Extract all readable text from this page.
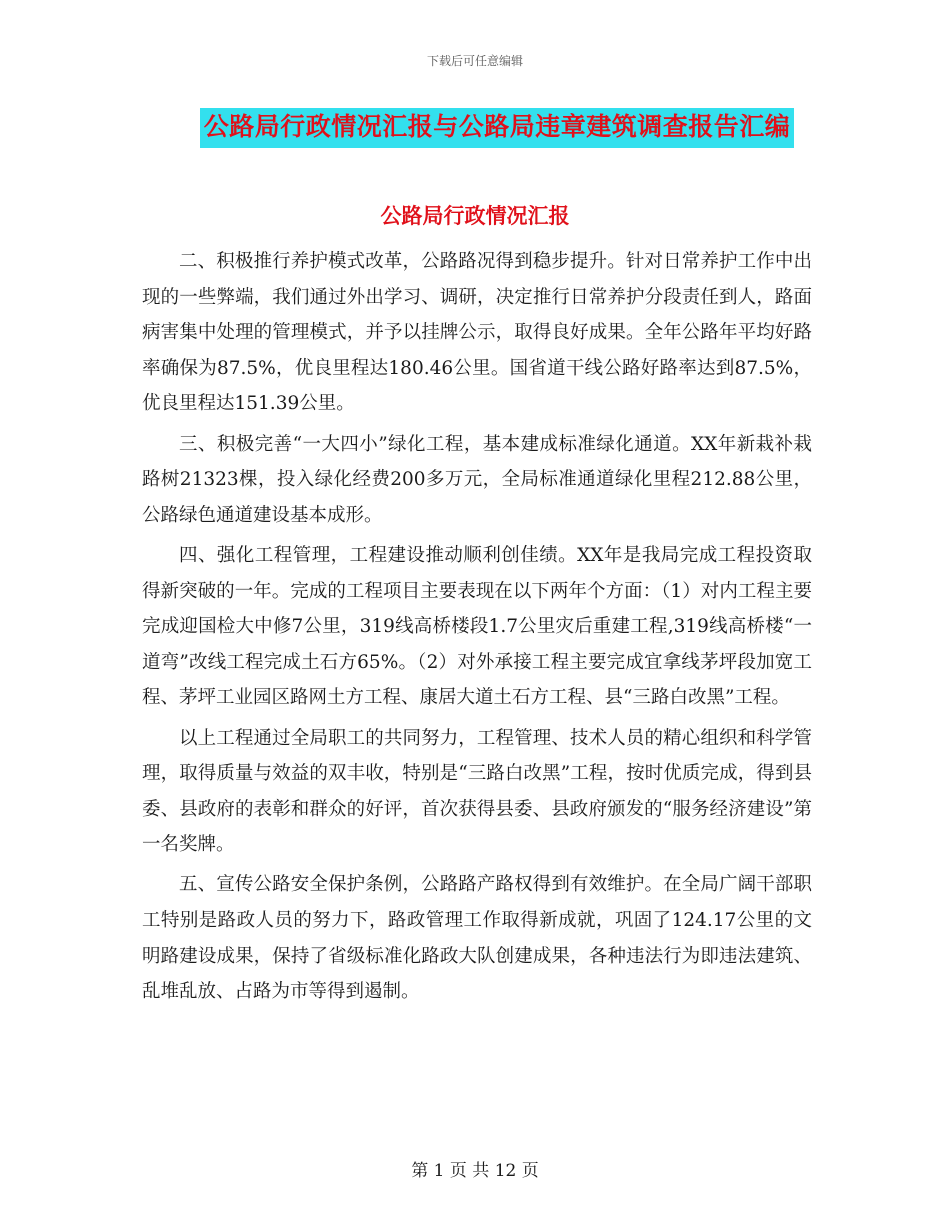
下载后可任意编辑
公路局行政情况汇报与公路局违章建筑调查报告汇编
公路局行政情况汇报

二、积极推行养护模式改革，公路路况得到稳步提升。针对日常养护工作中出现的一些弊端，我们通过外出学习、调研，决定推行日常养护分段责任到人，路面病害集中处理的管理模式，并予以挂牌公示，取得良好成果。全年公路年平均好路率确保为87.5%，优良里程达180.46公里。国省道干线公路好路率达到87.5%，优良里程达151.39公里。

三、积极完善“一大四小”绿化工程，基本建成标准绿化通道。XX年新栽补栽路树21323棵，投入绿化经费200多万元，全局标准通道绿化里程212.88公里，公路绿色通道建设基本成形。

四、强化工程管理，工程建设推动顺利创佳绩。XX年是我局完成工程投资取得新突破的一年。完成的工程项目主要表现在以下两年个方面：（1）对内工程主要完成迎国检大中修7公里，319线高桥楼段1.7公里灾后重建工程,319线高桥楼“一道弯”改线工程完成土石方65%。（2）对外承接工程主要完成宜拿线茅坪段加宽工程、茅坪工业园区路网土方工程、康居大道土石方工程、县“三路白改黑”工程。

以上工程通过全局职工的共同努力，工程管理、技术人员的精心组织和科学管理，取得质量与效益的双丰收，特别是“三路白改黑”工程，按时优质完成，得到县委、县政府的表彰和群众的好评，首次获得县委、县政府颁发的“服务经济建设”第一名奖牌。

五、宣传公路安全保护条例，公路路产路权得到有效维护。在全局广阔干部职工特别是路政人员的努力下，路政管理工作取得新成就，巩固了124.17公里的文明路建设成果，保持了省级标准化路政大队创建成果，各种违法行为即违法建筑、乱堆乱放、占路为市等得到遏制。

第 1 页 共 12 页
